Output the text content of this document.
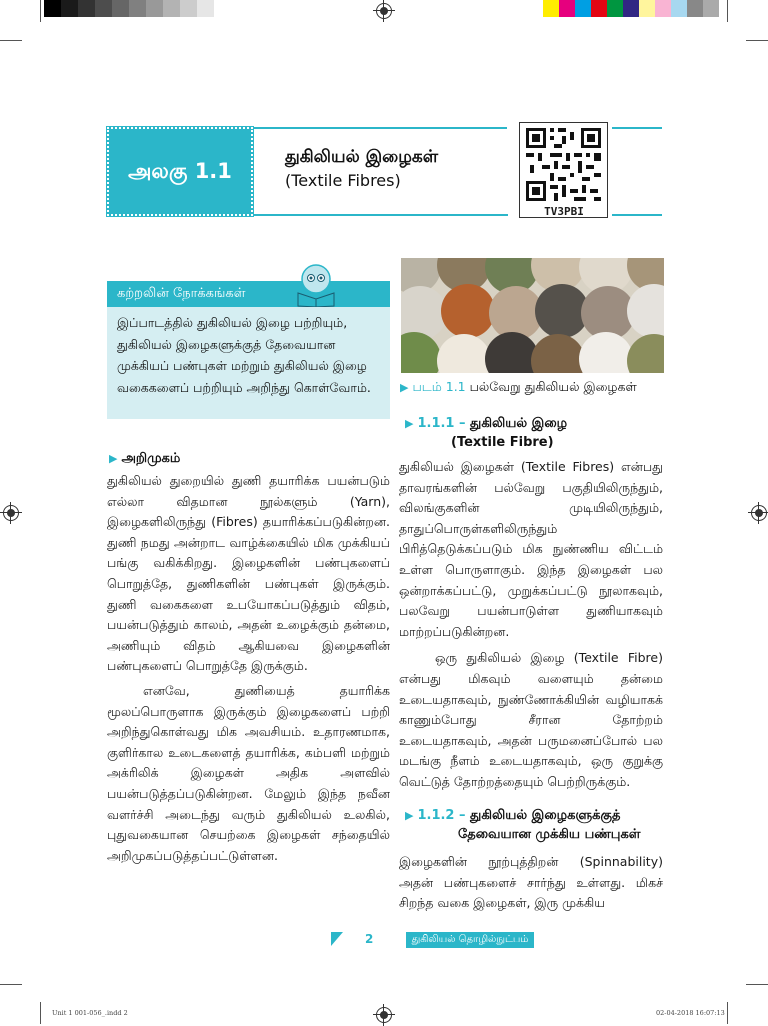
அலகு 1.1
துகிலியல் இழைகள்
(Textile Fibres)
TV3PBI
கற்றலின் நோக்கங்கள்
இப்பாடத்தில் துகிலியல் இழை பற்றியும், துகிலியல் இழைகளுக்குத் தேவையான முக்கியப் பண்புகள் மற்றும் துகிலியல் இழை வகைகளைப் பற்றியும் அறிந்து கொள்வோம்.
▶ அறிமுகம்

துகிலியல் துறையில் துணி தயாரிக்க பயன்படும் எல்லா விதமான நூல்களும் (Yarn), இழைகளிலிருந்து (Fibres) தயாரிக்கப்படுகின்றன. துணி நமது அன்றாட வாழ்க்கையில் மிக முக்கியப் பங்கு வகிக்கிறது. இழைகளின் பண்புகளைப் பொறுத்தே, துணிகளின் பண்புகள் இருக்கும். துணி வகைகளை உபயோகப்படுத்தும் விதம், பயன்படுத்தும் காலம், அதன் உழைக்கும் தன்மை, அணியும் விதம் ஆகியவை இழைகளின் பண்புகளைப் பொறுத்தே இருக்கும்.

எனவே, துணியைத் தயாரிக்க மூலப்பொருளாக இருக்கும் இழைகளைப் பற்றி அறிந்துகொள்வது மிக அவசியம். உதாரணமாக, குளிர்கால உடைகளைத் தயாரிக்க, கம்பளி மற்றும் அக்ரிலிக் இழைகள் அதிக அளவில் பயன்படுத்தப்படுகின்றன. மேலும் இந்த நவீன வளர்ச்சி அடைந்து வரும் துகிலியல் உலகில், புதுவகையான செயற்கை இழைகள் சந்தையில் அறிமுகப்படுத்தப்பட்டுள்ளன.

▶ படம் 1.1 பல்வேறு துகிலியல் இழைகள்
▶ 1.1.1 – துகிலியல் இழை
(Textile Fibre)

துகிலியல் இழைகள் (Textile Fibres) என்பது தாவரங்களின் பல்வேறு பகுதியிலிருந்தும், விலங்குகளின் முடியிலிருந்தும், தாதுப்பொருள்களிலிருந்தும் பிரித்தெடுக்கப்படும் மிக நுண்ணிய விட்டம் உள்ள பொருளாகும். இந்த இழைகள் பல ஒன்றாக்கப்பட்டு, முறுக்கப்பட்டு நூலாகவும், பலவேறு பயன்பாடுள்ள துணியாகவும் மாற்றப்படுகின்றன.

ஒரு துகிலியல் இழை (Textile Fibre) என்பது மிகவும் வளையும் தன்மை உடையதாகவும், நுண்ணோக்கியின் வழியாகக் காணும்போது சீரான தோற்றம் உடையதாகவும், அதன் பருமனைப்போல் பல மடங்கு நீளம் உடையதாகவும், ஒரு குறுக்கு வெட்டுத் தோற்றத்தையும் பெற்றிருக்கும்.

▶ 1.1.2 – துகிலியல் இழைகளுக்குத்
தேவையான முக்கிய பண்புகள்

இழைகளின் நூற்புத்திறன் (Spinnability) அதன் பண்புகளைச் சார்ந்து உள்ளது. மிகச் சிறந்த வகை இழைகள், இரு முக்கிய

2	துகிலியல் தொழில்நுட்பம்
Unit 1 001-056_.indd 2	02-04-2018 16:07:13
